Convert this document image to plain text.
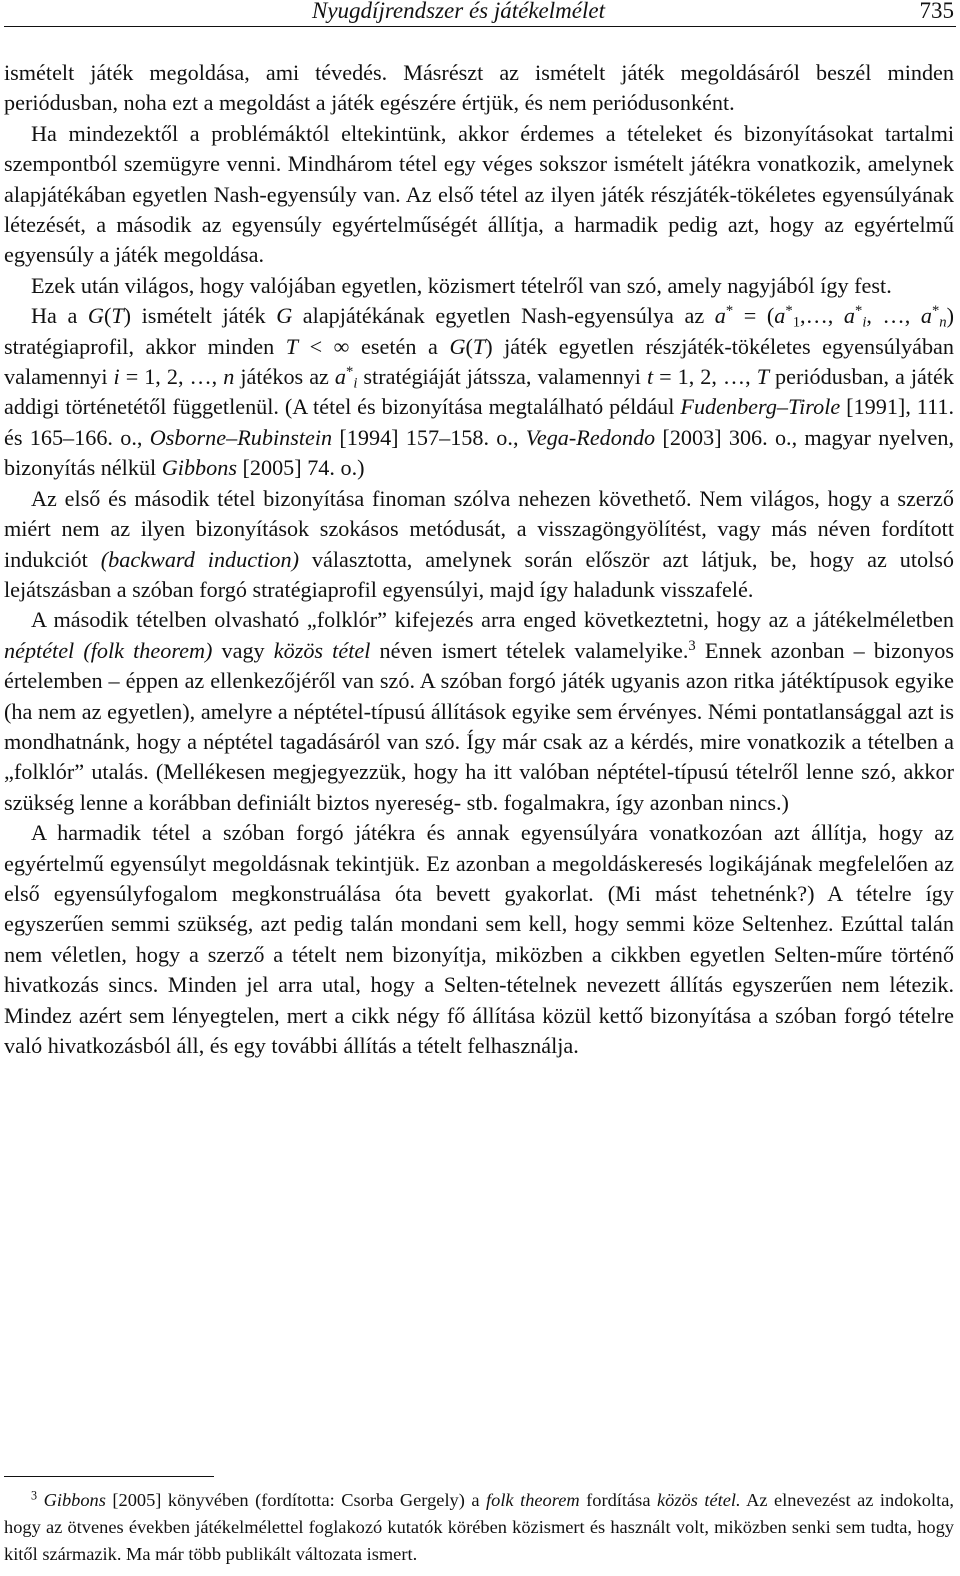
Nyugdíjrendszer és játékelmélet	735

ismételt játék megoldása, ami tévedés. Másrészt az ismételt játék megoldásáról beszél minden periódusban, noha ezt a megoldást a játék egészére értjük, és nem periódusonként.

Ha mindezektől a problémáktól eltekintünk, akkor érdemes a tételeket és bizonyításokat tartalmi szempontból szemügyre venni. Mindhárom tétel egy véges sokszor ismételt játékra vonatkozik, amelynek alapjátékában egyetlen Nash-egyensúly van. Az első tétel az ilyen játék részjáték-tökéletes egyensúlyának létezését, a második az egyensúly egyértelműségét állítja, a harmadik pedig azt, hogy az egyértelmű egyensúly a játék megoldása.

Ezek után világos, hogy valójában egyetlen, közismert tételről van szó, amely nagyjából így fest.

Ha a G(T) ismételt játék G alapjátékának egyetlen Nash-egyensúlya az $a^* = (a^*_1,\dots$, $a^*_i$, …, $a^*_n$) stratégiaprofil, akkor minden T < ∞ esetén a G(T) játék egyetlen részjáték-tökéletes egyensúlyában valamennyi i = 1, 2, …, n játékos az $a^*_i$ stratégiáját játssza, valamennyi t = 1, 2, …, T periódusban, a játék addigi történetétől függetlenül. (A tétel és bizonyítása megtalálható például Fudenberg–Tirole [1991], 111. és 165–166. o., Osborne–Rubinstein [1994] 157–158. o., Vega-Redondo [2003] 306. o., magyar nyelven, bizonyítás nélkül Gibbons [2005] 74. o.)

Az első és második tétel bizonyítása finoman szólva nehezen követhető. Nem világos, hogy a szerző miért nem az ilyen bizonyítások szokásos metódusát, a visszagöngyölítést, vagy más néven fordított indukciót (backward induction) választotta, amelynek során először azt látjuk, be, hogy az utolsó lejátszásban a szóban forgó stratégiaprofil egyensúlyi, majd így haladunk visszafelé.

A második tételben olvasható „folklór” kifejezés arra enged következtetni, hogy az a játékelméletben néptétel (folk theorem) vagy közös tétel néven ismert tételek valamelyike.$^3$ Ennek azonban – bizonyos értelemben – éppen az ellenkezőjéről van szó. A szóban forgó játék ugyanis azon ritka játéktípusok egyike (ha nem az egyetlen), amelyre a néptétel-típusú állítások egyike sem érvényes. Némi pontatlansággal azt is mondhatnánk, hogy a néptétel tagadásáról van szó. Így már csak az a kérdés, mire vonatkozik a tételben a „folklór” utalás. (Mellékesen megjegyezzük, hogy ha itt valóban néptétel-típusú tételről lenne szó, akkor szükség lenne a korábban definiált biztos nyereség- stb. fogalmakra, így azonban nincs.)

A harmadik tétel a szóban forgó játékra és annak egyensúlyára vonatkozóan azt állítja, hogy az egyértelmű egyensúlyt megoldásnak tekintjük. Ez azonban a megoldáskeresés logikájának megfelelően az első egyensúlyfogalom megkonstruálása óta bevett gyakorlat. (Mi mást tehetnénk?) A tételre így egyszerűen semmi szükség, azt pedig talán mondani sem kell, hogy semmi köze Seltenhez. Ezúttal talán nem véletlen, hogy a szerző a tételt nem bizonyítja, miközben a cikkben egyetlen Selten-műre történő hivatkozás sincs. Minden jel arra utal, hogy a Selten-tételnek nevezett állítás egyszerűen nem létezik. Mindez azért sem lényegtelen, mert a cikk négy fő állítása közül kettő bizonyítása a szóban forgó tételre való hivatkozásból áll, és egy további állítás a tételt felhasználja.

$^3$ Gibbons [2005] könyvében (fordította: Csorba Gergely) a folk theorem fordítása közös tétel. Az elnevezést az indokolta, hogy az ötvenes években játékelmélettel foglakozó kutatók körében közismert és használt volt, miközben senki sem tudta, hogy kitől származik. Ma már több publikált változata ismert.
